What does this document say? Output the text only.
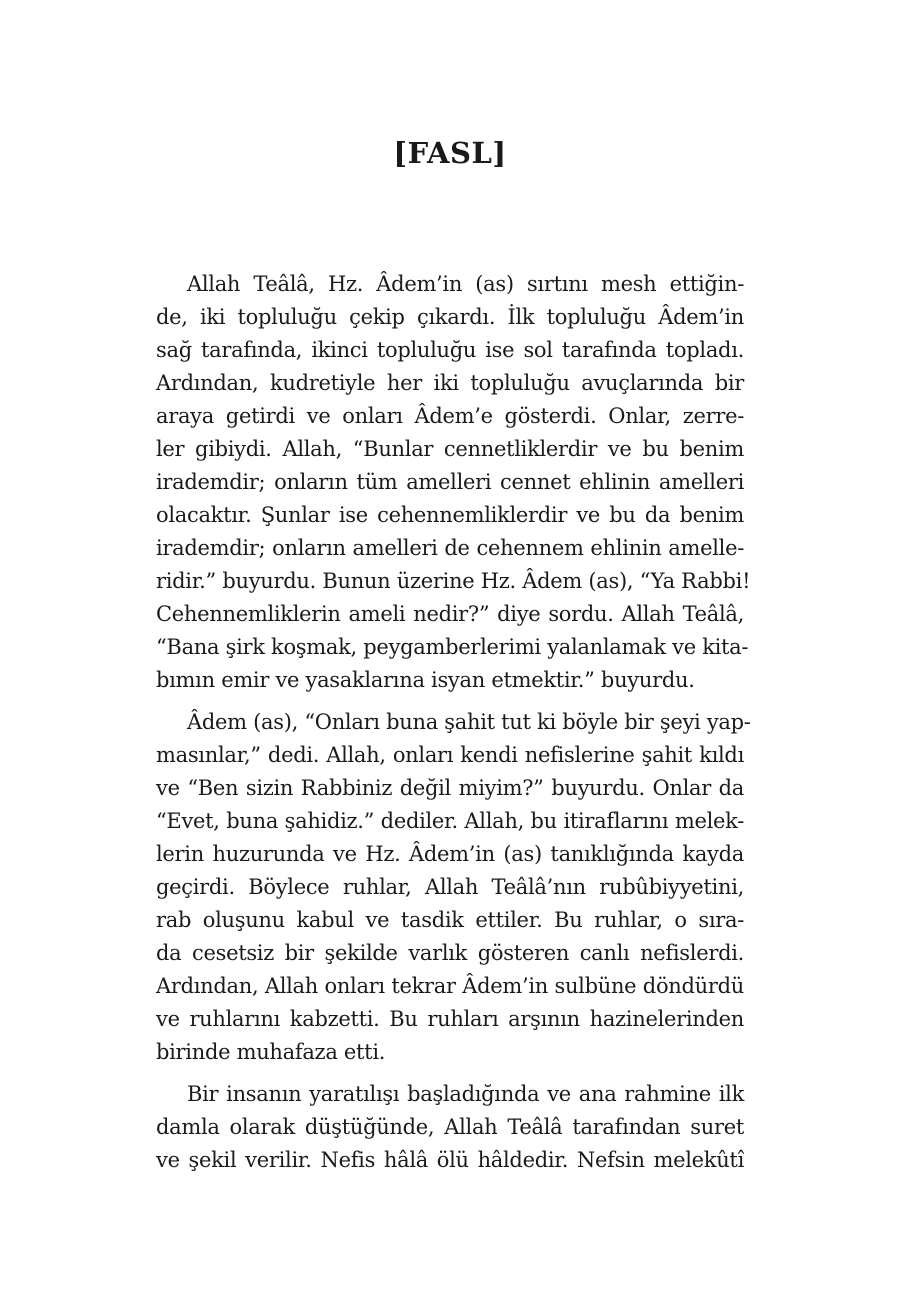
[FASL]
Allah Teâlâ, Hz. Âdem’in (as) sırtını mesh ettiğin-
de, iki topluluğu çekip çıkardı. İlk topluluğu Âdem’in
sağ tarafında, ikinci topluluğu ise sol tarafında topladı.
Ardından, kudretiyle her iki topluluğu avuçlarında bir
araya getirdi ve onları Âdem’e gösterdi. Onlar, zerre-
ler gibiydi. Allah, “Bunlar cennetliklerdir ve bu benim
irademdir; onların tüm amelleri cennet ehlinin amelleri
olacaktır. Şunlar ise cehennemliklerdir ve bu da benim
irademdir; onların amelleri de cehennem ehlinin amelle-
ridir.” buyurdu. Bunun üzerine Hz. Âdem (as), “Ya Rabbi!
Cehennemliklerin ameli nedir?” diye sordu. Allah Teâlâ,
“Bana şirk koşmak, peygamberlerimi yalanlamak ve kita-
bımın emir ve yasaklarına isyan etmektir.” buyurdu.
Âdem (as), “Onları buna şahit tut ki böyle bir şeyi yap-
masınlar,” dedi. Allah, onları kendi nefislerine şahit kıldı
ve “Ben sizin Rabbiniz değil miyim?” buyurdu. Onlar da
“Evet, buna şahidiz.” dediler. Allah, bu itiraflarını melek-
lerin huzurunda ve Hz. Âdem’in (as) tanıklığında kayda
geçirdi. Böylece ruhlar, Allah Teâlâ’nın rubûbiyyetini,
rab oluşunu kabul ve tasdik ettiler. Bu ruhlar, o sıra-
da cesetsiz bir şekilde varlık gösteren canlı nefislerdi.
Ardından, Allah onları tekrar Âdem’in sulbüne döndürdü
ve ruhlarını kabzetti. Bu ruhları arşının hazinelerinden
birinde muhafaza etti.
Bir insanın yaratılışı başladığında ve ana rahmine ilk
damla olarak düştüğünde, Allah Teâlâ tarafından suret
ve şekil verilir. Nefis hâlâ ölü hâldedir. Nefsin melekûtî
